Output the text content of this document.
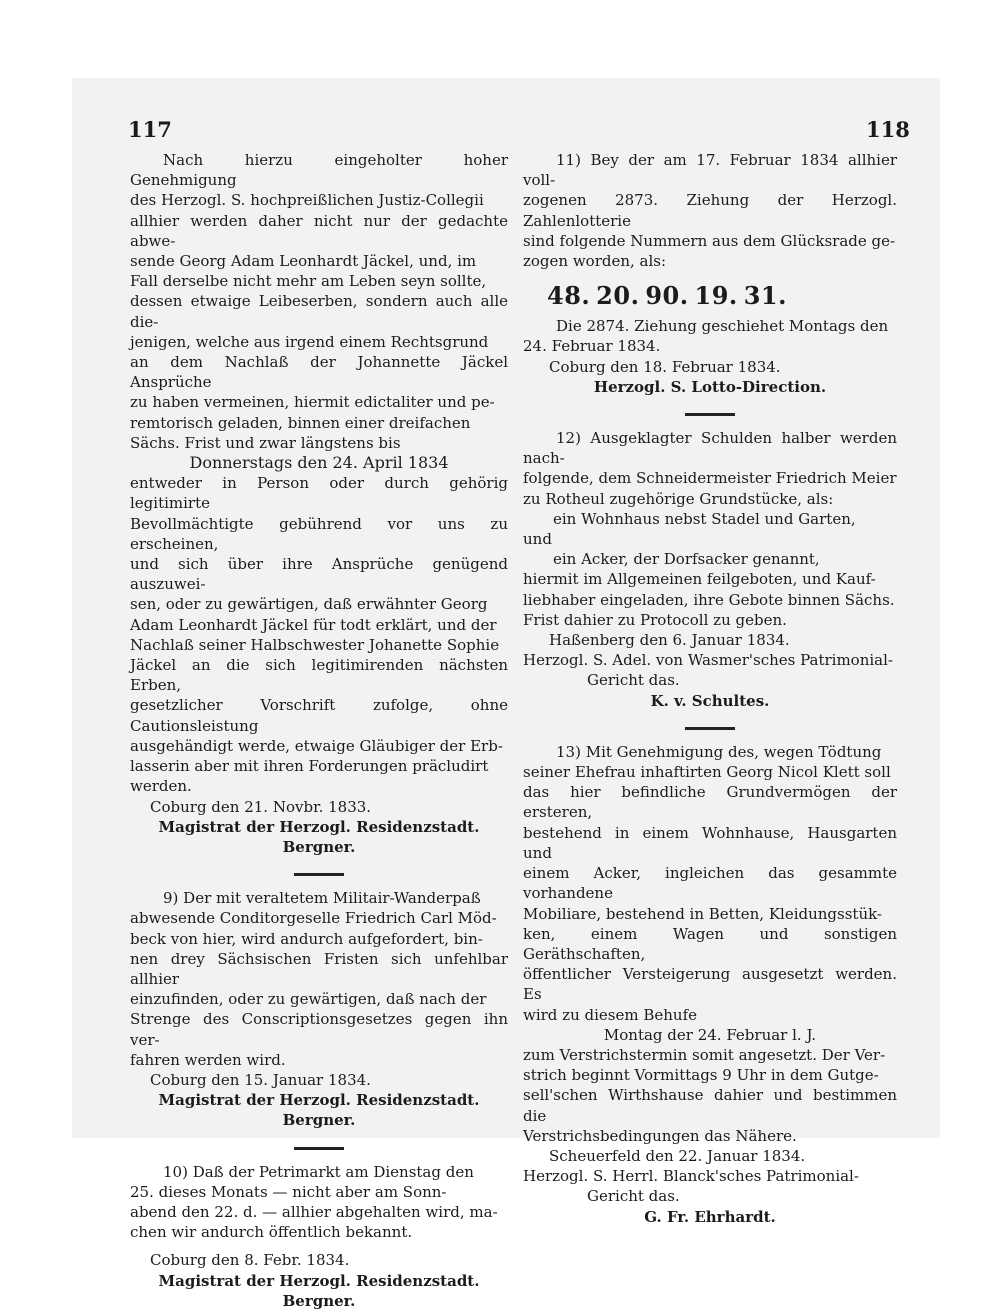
117	118

Nach hierzu eingeholter hoher Genehmigung

des Herzogl. S. hochpreißlichen Justiz-Collegii

allhier werden daher nicht nur der gedachte abwe-

sende Georg Adam Leonhardt Jäckel, und, im

Fall derselbe nicht mehr am Leben seyn sollte,

dessen etwaige Leibeserben, sondern auch alle die-

jenigen, welche aus irgend einem Rechtsgrund

an dem Nachlaß der Johannette Jäckel Ansprüche

zu haben vermeinen, hiermit edictaliter und pe-

remtorisch geladen, binnen einer dreifachen

Sächs. Frist und zwar längstens bis

Donnerstags den 24. April 1834

entweder in Person oder durch gehörig legitimirte

Bevollmächtigte gebührend vor uns zu erscheinen,

und sich über ihre Ansprüche genügend auszuwei-

sen, oder zu gewärtigen, daß erwähnter Georg

Adam Leonhardt Jäckel für todt erklärt, und der

Nachlaß seiner Halbschwester Johanette Sophie

Jäckel an die sich legitimirenden nächsten Erben,

gesetzlicher Vorschrift zufolge, ohne Cautionsleistung

ausgehändigt werde, etwaige Gläubiger der Erb-

lasserin aber mit ihren Forderungen präcludirt

werden.

Coburg den 21. Novbr. 1833.

Magistrat der Herzogl. Residenzstadt.

Bergner.

9) Der mit veraltetem Militair-Wanderpaß

abwesende Conditorgeselle Friedrich Carl Möd-

beck von hier, wird andurch aufgefordert, bin-

nen drey Sächsischen Fristen sich unfehlbar allhier

einzufinden, oder zu gewärtigen, daß nach der

Strenge des Conscriptionsgesetzes gegen ihn ver-

fahren werden wird.

Coburg den 15. Januar 1834.

Magistrat der Herzogl. Residenzstadt.

Bergner.

10) Daß der Petrimarkt am Dienstag den

25. dieses Monats — nicht aber am Sonn-

abend den 22. d. — allhier abgehalten wird, ma-

chen wir andurch öffentlich bekannt.

Coburg den 8. Febr. 1834.

Magistrat der Herzogl. Residenzstadt.

Bergner.

11) Bey der am 17. Februar 1834 allhier voll-

zogenen 2873. Ziehung der Herzogl. Zahlenlotterie

sind folgende Nummern aus dem Glücksrade ge-

zogen worden, als:

48. 20. 90. 19. 31.

Die 2874. Ziehung geschiehet Montags den

24. Februar 1834.

Coburg den 18. Februar 1834.

Herzogl. S. Lotto-Direction.

12) Ausgeklagter Schulden halber werden nach-

folgende, dem Schneidermeister Friedrich Meier

zu Rotheul zugehörige Grundstücke, als:

ein Wohnhaus nebst Stadel und Garten,

und

ein Acker, der Dorfsacker genannt,

hiermit im Allgemeinen feilgeboten, und Kauf-

liebhaber eingeladen, ihre Gebote binnen Sächs.

Frist dahier zu Protocoll zu geben.

Haßenberg den 6. Januar 1834.

Herzogl. S. Adel. von Wasmer'sches Patrimonial-

Gericht das.

K. v. Schultes.

13) Mit Genehmigung des, wegen Tödtung

seiner Ehefrau inhaftirten Georg Nicol Klett soll

das hier befindliche Grundvermögen der ersteren,

bestehend in einem Wohnhause, Hausgarten und

einem Acker, ingleichen das gesammte vorhandene

Mobiliare, bestehend in Betten, Kleidungsstük-

ken, einem Wagen und sonstigen Geräthschaften,

öffentlicher Versteigerung ausgesetzt werden. Es

wird zu diesem Behufe

Montag der 24. Februar l. J.

zum Verstrichstermin somit angesetzt. Der Ver-

strich beginnt Vormittags 9 Uhr in dem Gutge-

sell'schen Wirthshause dahier und bestimmen die

Verstrichsbedingungen das Nähere.

Scheuerfeld den 22. Januar 1834.

Herzogl. S. Herrl. Blanck'sches Patrimonial-

Gericht das.

G. Fr. Ehrhardt.
